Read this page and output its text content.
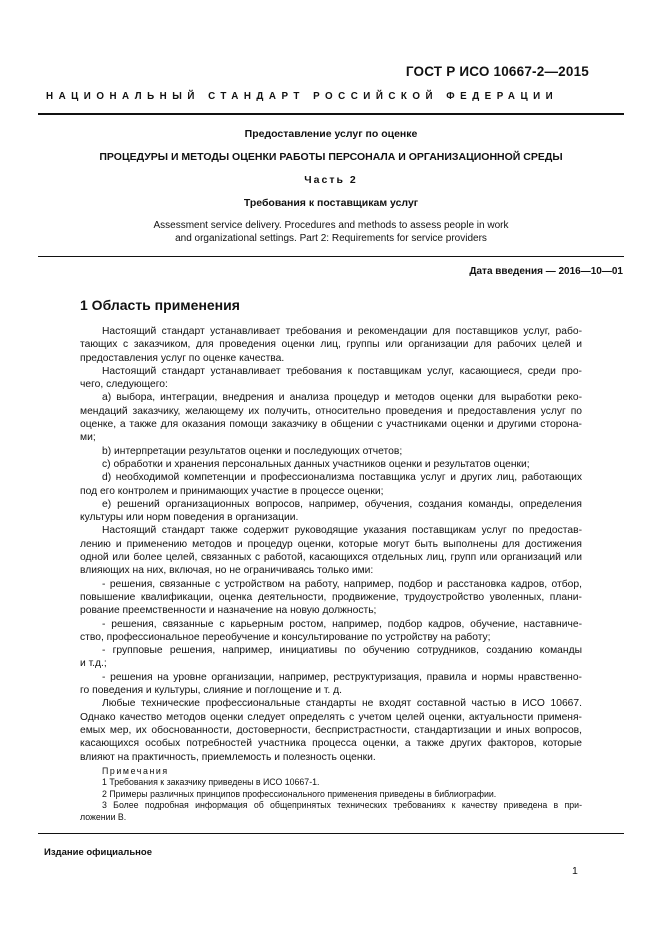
ГОСТ Р ИСО 10667-2—2015
НАЦИОНАЛЬНЫЙ СТАНДАРТ РОССИЙСКОЙ ФЕДЕРАЦИИ
Предоставление услуг по оценке
ПРОЦЕДУРЫ И МЕТОДЫ ОЦЕНКИ РАБОТЫ ПЕРСОНАЛА И ОРГАНИЗАЦИОННОЙ СРЕДЫ
Часть 2
Требования к поставщикам услуг
Assessment service delivery. Procedures and methods to assess people in work
and organizational settings. Part 2: Requirements for service providers
Дата введения — 2016—10—01
1 Область применения
Настоящий стандарт устанавливает требования и рекомендации для поставщиков услуг, рабо-
тающих с заказчиком, для проведения оценки лиц, группы или организации для рабочих целей и
предоставления услуг по оценке качества.
Настоящий стандарт устанавливает требования к поставщикам услуг, касающиеся, среди про-
чего, следующего:
а) выбора, интеграции, внедрения и анализа процедур и методов оценки для выработки реко-
мендаций заказчику, желающему их получить, относительно проведения и предоставления услуг по
оценке, а также для оказания помощи заказчику в общении с участниками оценки и другими сторона-
ми;
b) интерпретации результатов оценки и последующих отчетов;
c) обработки и хранения персональных данных участников оценки и результатов оценки;
d) необходимой компетенции и профессионализма поставщика услуг и других лиц, работающих
под его контролем и принимающих участие в процессе оценки;
e) решений организационных вопросов, например, обучения, создания команды, определения
культуры или норм поведения в организации.
Настоящий стандарт также содержит руководящие указания поставщикам услуг по предостав-
лению и применению методов и процедур оценки, которые могут быть выполнены для достижения
одной или более целей, связанных с работой, касающихся отдельных лиц, групп или организаций или
влияющих на них, включая, но не ограничиваясь только ими:
- решения, связанные с устройством на работу, например, подбор и расстановка кадров, отбор,
повышение квалификации, оценка деятельности, продвижение, трудоустройство уволенных, плани-
рование преемственности и назначение на новую должность;
- решения, связанные с карьерным ростом, например, подбор кадров, обучение, наставниче-
ство, профессиональное переобучение и консультирование по устройству на работу;
- групповые решения, например, инициативы по обучению сотрудников, созданию команды
и т.д.;
- решения на уровне организации, например, реструктуризация, правила и нормы нравственно-
го поведения и культуры, слияние и поглощение и т. д.
Любые технические профессиональные стандарты не входят составной частью в ИСО 10667.
Однако качество методов оценки следует определять с учетом целей оценки, актуальности применя-
емых мер, их обоснованности, достоверности, беспристрастности, стандартизации и иных вопросов,
касающихся особых потребностей участника процесса оценки, а также других факторов, которые
влияют на практичность, приемлемость и полезность оценки.
Примечания
1 Требования к заказчику приведены в ИСО 10667-1.
2 Примеры различных принципов профессионального применения приведены в библиографии.
3 Более подробная информация об общепринятых технических требованиях к качеству приведена в при-
ложении В.
Издание официальное
1
